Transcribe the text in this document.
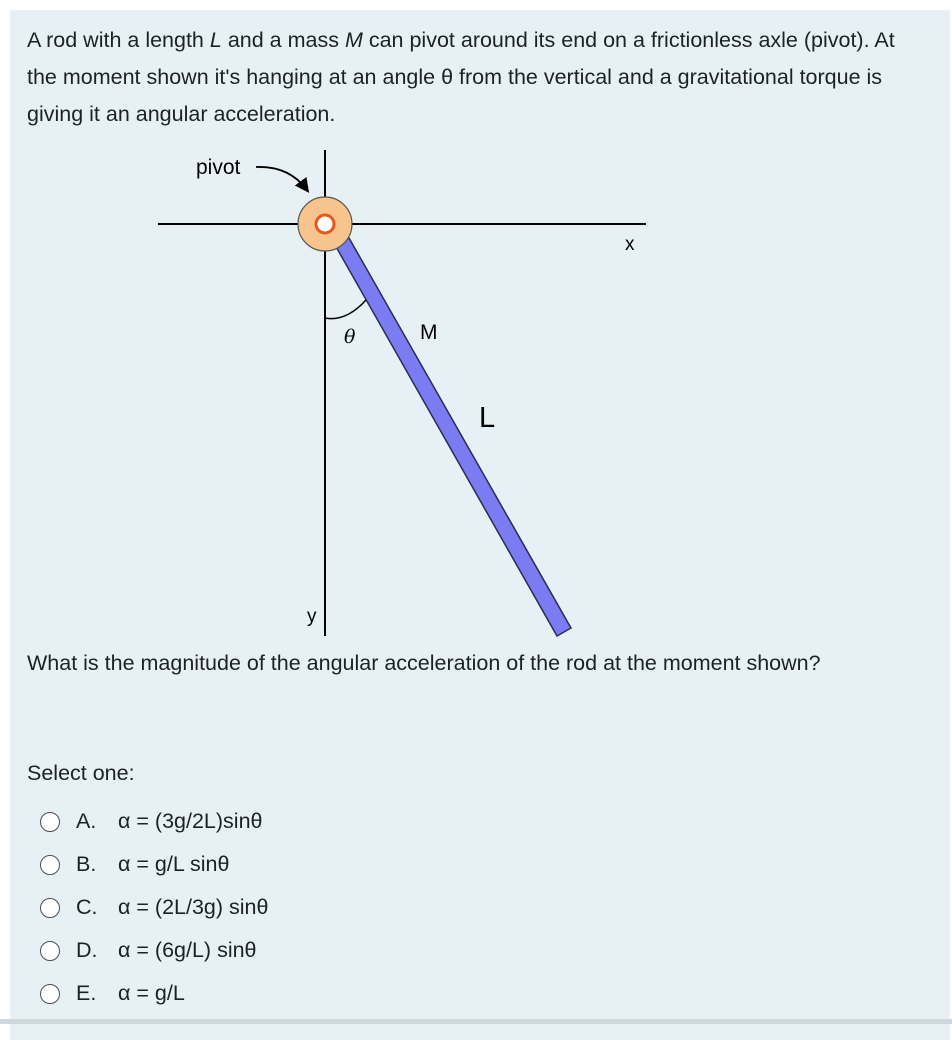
A rod with a length L and a mass M can pivot around its end on a frictionless axle (pivot). At the moment shown it's hanging at an angle θ from the vertical and a gravitational torque is giving it an angular acceleration.
pivot
x
y
θ	M
L
What is the magnitude of the angular acceleration of the rod at the moment shown?
Select one:
A.	α = (3g/2L)sinθ
B.	α = g/L sinθ
C. α = (2L/3g) sinθ
D. α = (6g/L) sinθ
E.	α = g/L
